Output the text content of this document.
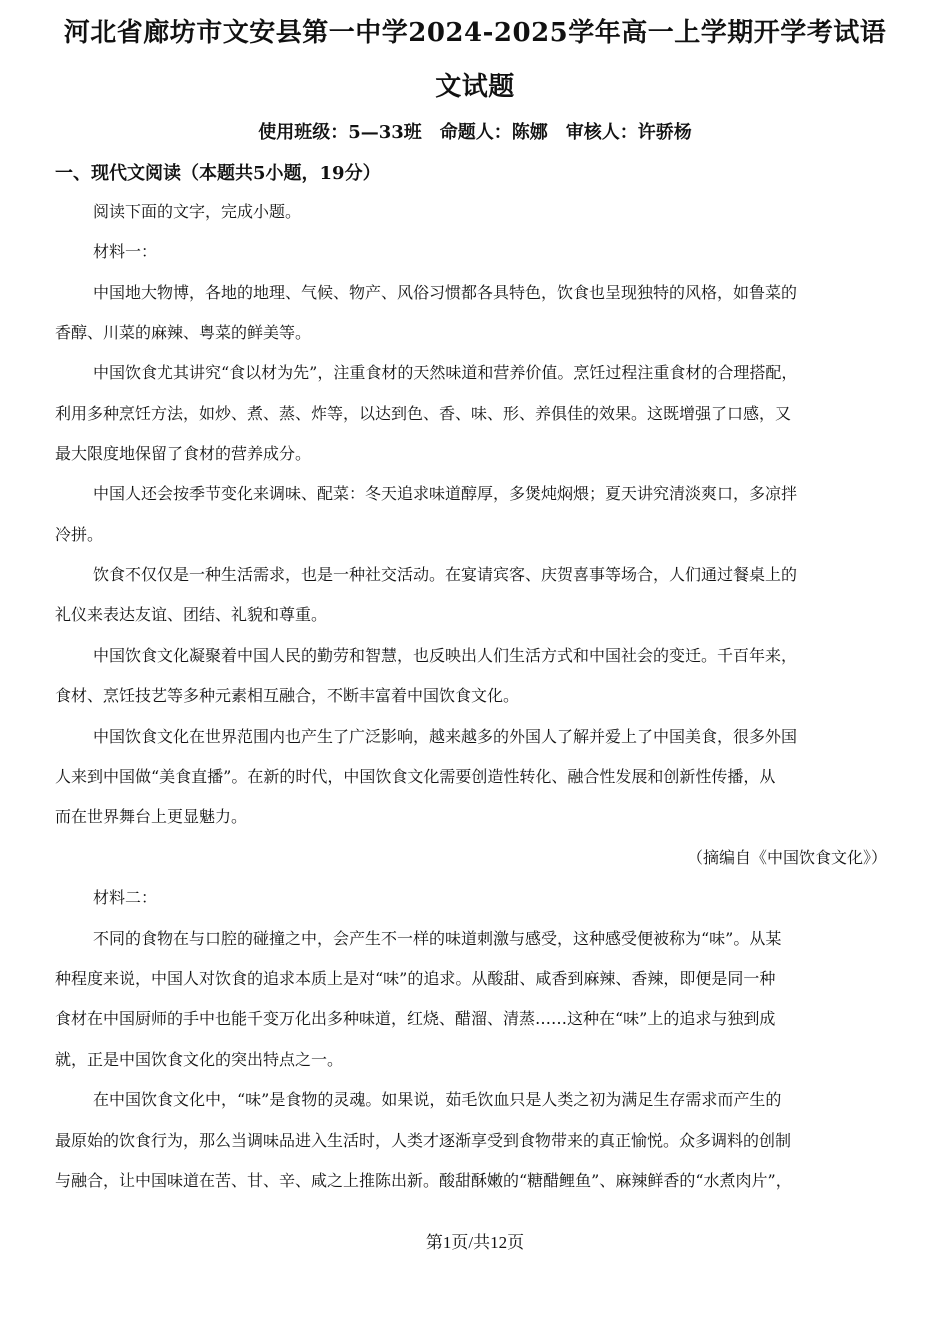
河北省廊坊市文安县第一中学2024-2025学年高一上学期开学考试语
文试题
使用班级：5—33班　命题人：陈娜　审核人：许骄杨
一、现代文阅读（本题共5小题，19分）
阅读下面的文字，完成小题。
材料一：
中国地大物博，各地的地理、气候、物产、风俗习惯都各具特色，饮食也呈现独特的风格，如鲁菜的
香醇、川菜的麻辣、粤菜的鲜美等。
中国饮食尤其讲究“食以材为先”，注重食材的天然味道和营养价值。烹饪过程注重食材的合理搭配，
利用多种烹饪方法，如炒、煮、蒸、炸等，以达到色、香、味、形、养俱佳的效果。这既增强了口感，又
最大限度地保留了食材的营养成分。
中国人还会按季节变化来调味、配菜：冬天追求味道醇厚，多煲炖焖煨；夏天讲究清淡爽口，多凉拌
冷拼。
饮食不仅仅是一种生活需求，也是一种社交活动。在宴请宾客、庆贺喜事等场合，人们通过餐桌上的
礼仪来表达友谊、团结、礼貌和尊重。
中国饮食文化凝聚着中国人民的勤劳和智慧，也反映出人们生活方式和中国社会的变迁。千百年来，
食材、烹饪技艺等多种元素相互融合，不断丰富着中国饮食文化。
中国饮食文化在世界范围内也产生了广泛影响，越来越多的外国人了解并爱上了中国美食，很多外国
人来到中国做“美食直播”。在新的时代，中国饮食文化需要创造性转化、融合性发展和创新性传播，从
而在世界舞台上更显魅力。
（摘编自《中国饮食文化》）
材料二：
不同的食物在与口腔的碰撞之中，会产生不一样的味道刺激与感受，这种感受便被称为“味”。从某
种程度来说，中国人对饮食的追求本质上是对“味”的追求。从酸甜、咸香到麻辣、香辣，即便是同一种
食材在中国厨师的手中也能千变万化出多种味道，红烧、醋溜、清蒸……这种在“味”上的追求与独到成
就，正是中国饮食文化的突出特点之一。
在中国饮食文化中，“味”是食物的灵魂。如果说，茹毛饮血只是人类之初为满足生存需求而产生的
最原始的饮食行为，那么当调味品进入生活时，人类才逐渐享受到食物带来的真正愉悦。众多调料的创制
与融合，让中国味道在苦、甘、辛、咸之上推陈出新。酸甜酥嫩的“糖醋鲤鱼”、麻辣鲜香的“水煮肉片”，
第1页/共12页
